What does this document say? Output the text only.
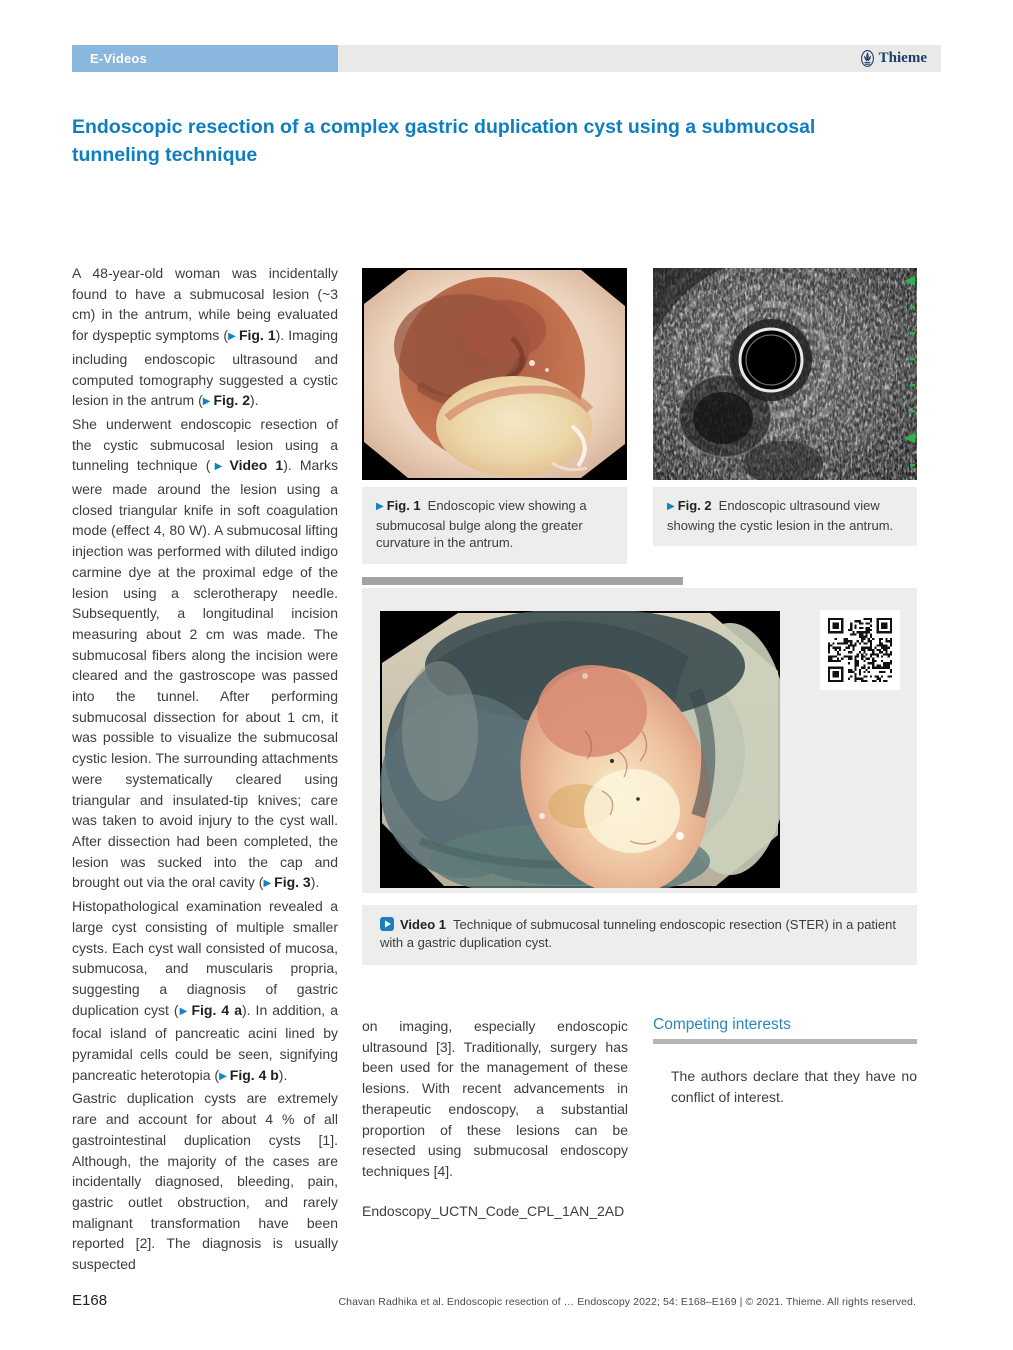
E-Videos	Thieme
Endoscopic resection of a complex gastric duplication cyst using a submucosal tunneling technique

A 48-year-old woman was incidentally found to have a submucosal lesion (~3 cm) in the antrum, while being evaluated for dyspeptic symptoms (▶ Fig. 1). Imaging including endoscopic ultrasound and computed tomography suggested a cystic lesion in the antrum (▶ Fig. 2).

She underwent endoscopic resection of the cystic submucosal lesion using a tunneling technique (▶ Video 1). Marks were made around the lesion using a closed triangular knife in soft coagulation mode (effect 4, 80 W). A submucosal lifting injection was performed with diluted indigo carmine dye at the proximal edge of the lesion using a sclerotherapy needle. Subsequently, a longitudinal incision measuring about 2 cm was made. The submucosal fibers along the incision were cleared and the gastroscope was passed into the tunnel. After performing submucosal dissection for about 1 cm, it was possible to visualize the submucosal cystic lesion. The surrounding attachments were systematically cleared using triangular and insulated-tip knives; care was taken to avoid injury to the cyst wall. After dissection had been completed, the lesion was sucked into the cap and brought out via the oral cavity (▶ Fig. 3).

Histopathological examination revealed a large cyst consisting of multiple smaller cysts. Each cyst wall consisted of mucosa, submucosa, and muscularis propria, suggesting a diagnosis of gastric duplication cyst (▶ Fig. 4 a). In addition, a focal island of pancreatic acini lined by pyramidal cells could be seen, signifying pancreatic heterotopia (▶ Fig. 4 b).

Gastric duplication cysts are extremely rare and account for about 4 % of all gastrointestinal duplication cysts [1]. Although, the majority of the cases are incidentally diagnosed, bleeding, pain, gastric outlet obstruction, and rarely malignant transformation have been reported [2]. The diagnosis is usually suspected

▶ Fig. 1 Endoscopic view showing a submucosal bulge along the greater curvature in the antrum.
▶ Fig. 2 Endoscopic ultrasound view showing the cystic lesion in the antrum.
Video 1 Technique of submucosal tunneling endoscopic resection (STER) in a patient with a gastric duplication cyst.

on imaging, especially endoscopic ultrasound [3]. Traditionally, surgery has been used for the management of these lesions. With recent advancements in therapeutic endoscopy, a substantial proportion of these lesions can be resected using submucosal endoscopy techniques [4].

Endoscopy_UCTN_Code_CPL_1AN_2AD

Competing interests

The authors declare that they have no conflict of interest.

E168	Chavan Radhika et al. Endoscopic resection of … Endoscopy 2022; 54: E168–E169 | © 2021. Thieme. All rights reserved.
